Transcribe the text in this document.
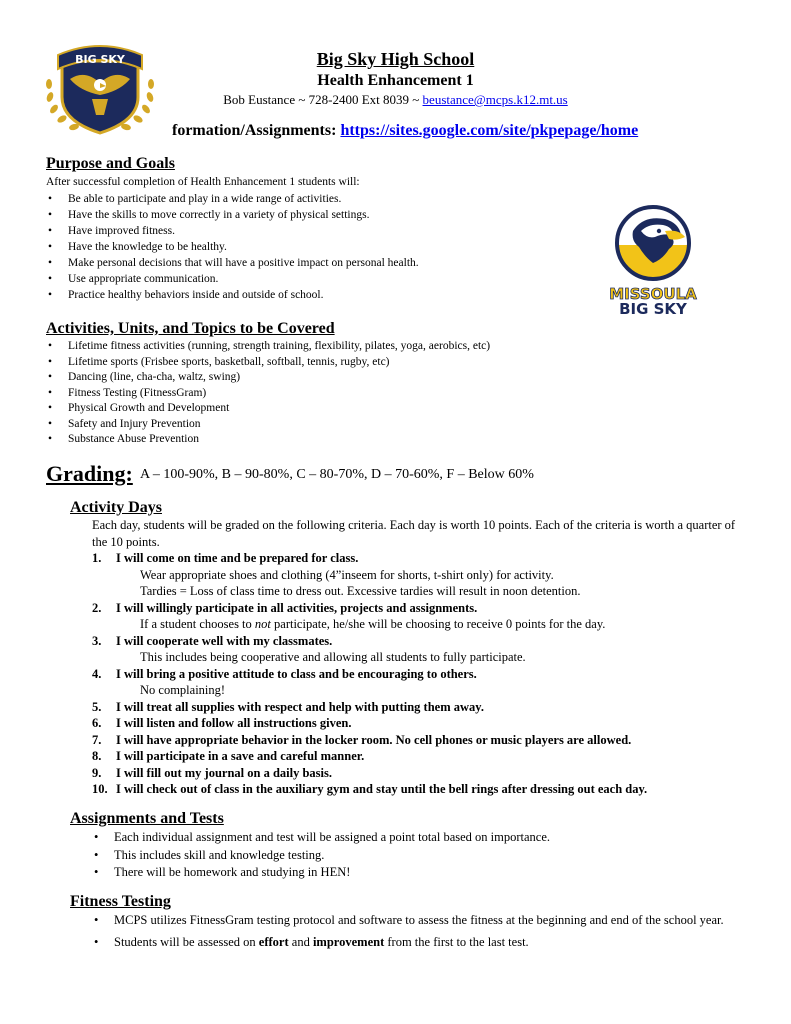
BIG SKY	Big Sky High School
Health Enhancement 1
Bob Eustance ~ 728-2400 Ext 8039 ~ beustance@mcps.k12.mt.us
formation/Assignments: https://sites.google.com/site/pkpepage/home
MISSOULA
BIG SKY
Purpose and Goals
After successful completion of Health Enhancement 1 students will:
• Be able to participate and play in a wide range of activities.
• Have the skills to move correctly in a variety of physical settings.
• Have improved fitness.
• Have the knowledge to be healthy.
• Make personal decisions that will have a positive impact on personal health.
• Use appropriate communication.
• Practice healthy behaviors inside and outside of school.
Activities, Units, and Topics to be Covered
• Lifetime fitness activities (running, strength training, flexibility, pilates, yoga, aerobics, etc)
• Lifetime sports (Frisbee sports, basketball, softball, tennis, rugby, etc)
• Dancing (line, cha-cha, waltz, swing)
• Fitness Testing (FitnessGram)
• Physical Growth and Development
• Safety and Injury Prevention
• Substance Abuse Prevention
Grading: A – 100-90%, B – 90-80%, C – 80-70%, D – 70-60%, F – Below 60%
Activity Days
Each day, students will be graded on the following criteria. Each day is worth 10 points. Each of the criteria is worth a quarter of the 10 points.
1. I will come on time and be prepared for class.
Wear appropriate shoes and clothing (4”inseem for shorts, t-shirt only) for activity.
Tardies = Loss of class time to dress out. Excessive tardies will result in noon detention.
2. I will willingly participate in all activities, projects and assignments.
If a student chooses to not participate, he/she will be choosing to receive 0 points for the day.
3. I will cooperate well with my classmates.
This includes being cooperative and allowing all students to fully participate.
4. I will bring a positive attitude to class and be encouraging to others.
No complaining!
5. I will treat all supplies with respect and help with putting them away.
6. I will listen and follow all instructions given.
7. I will have appropriate behavior in the locker room. No cell phones or music players are allowed.
8. I will participate in a save and careful manner.
9. I will fill out my journal on a daily basis.
10. I will check out of class in the auxiliary gym and stay until the bell rings after dressing out each day.
Assignments and Tests
• Each individual assignment and test will be assigned a point total based on importance.
• This includes skill and knowledge testing.
• There will be homework and studying in HEN!
Fitness Testing
• MCPS utilizes FitnessGram testing protocol and software to assess the fitness at the beginning and end of the school year.
• Students will be assessed on effort and improvement from the first to the last test.
